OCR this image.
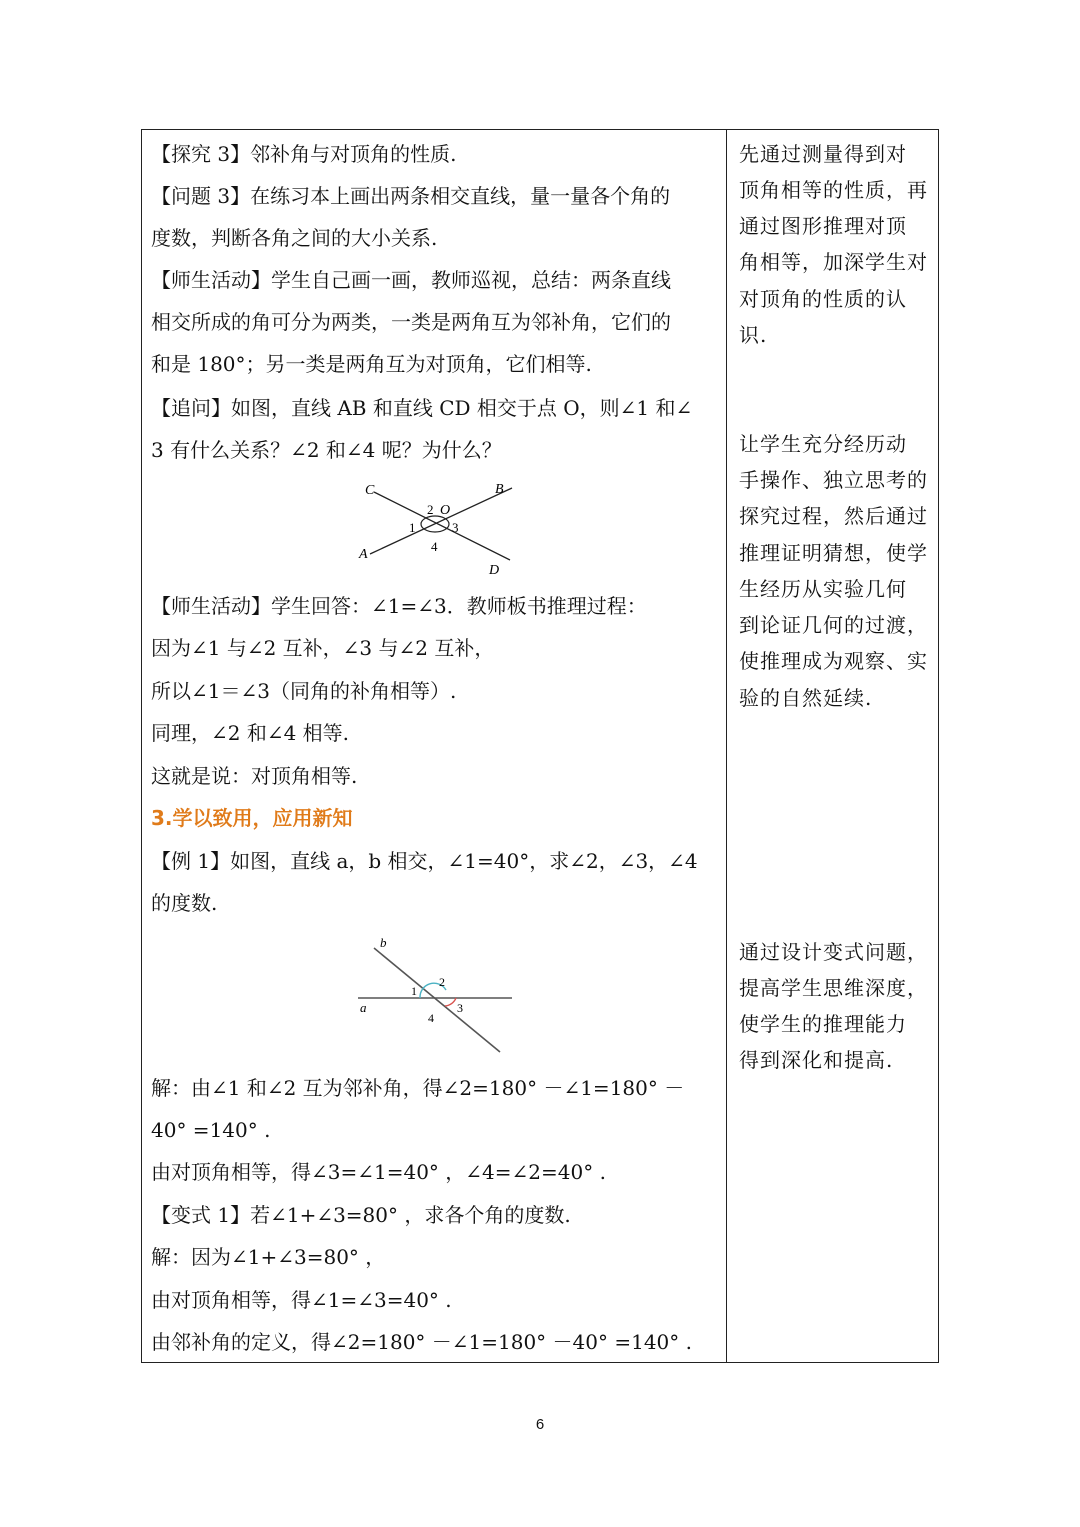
【探究 3】邻补角与对顶角的性质.
【问题 3】在练习本上画出两条相交直线，量一量各个角的
度数，判断各角之间的大小关系.
【师生活动】学生自己画一画，教师巡视，总结：两条直线
相交所成的角可分为两类，一类是两角互为邻补角，它们的
和是 180°；另一类是两角互为对顶角，它们相等.
【追问】如图，直线 AB 和直线 CD 相交于点 O，则∠1 和∠
3 有什么关系？∠2 和∠4 呢？为什么？
C	B
A
D
O
1
2
3
4
【师生活动】学生回答：∠1=∠3．教师板书推理过程：
因为∠1 与∠2 互补，∠3 与∠2 互补，
所以∠1＝∠3（同角的补角相等）.
同理，∠2 和∠4 相等.
这就是说：对顶角相等.
3.学以致用，应用新知
【例 1】如图，直线 a，b 相交，∠1=40°，求∠2，∠3，∠4
的度数.
b
a
1
2
3
4
解：由∠1 和∠2 互为邻补角，得∠2=180° －∠1=180° －
40° =140° .
由对顶角相等，得∠3=∠1=40° ，∠4=∠2=40° .
【变式 1】若∠1+∠3=80° ，求各个角的度数.
解：因为∠1+∠3=80° ，
由对顶角相等，得∠1=∠3=40° .
由邻补角的定义，得∠2=180° －∠1=180° －40° =140° .
先通过测量得到对
顶角相等的性质，再
通过图形推理对顶
角相等，加深学生对
对顶角的性质的认
识.
让学生充分经历动
手操作、独立思考的
探究过程，然后通过
推理证明猜想，使学
生经历从实验几何
到论证几何的过渡，
使推理成为观察、实
验的自然延续.
通过设计变式问题，
提高学生思维深度，
使学生的推理能力
得到深化和提高.
6
